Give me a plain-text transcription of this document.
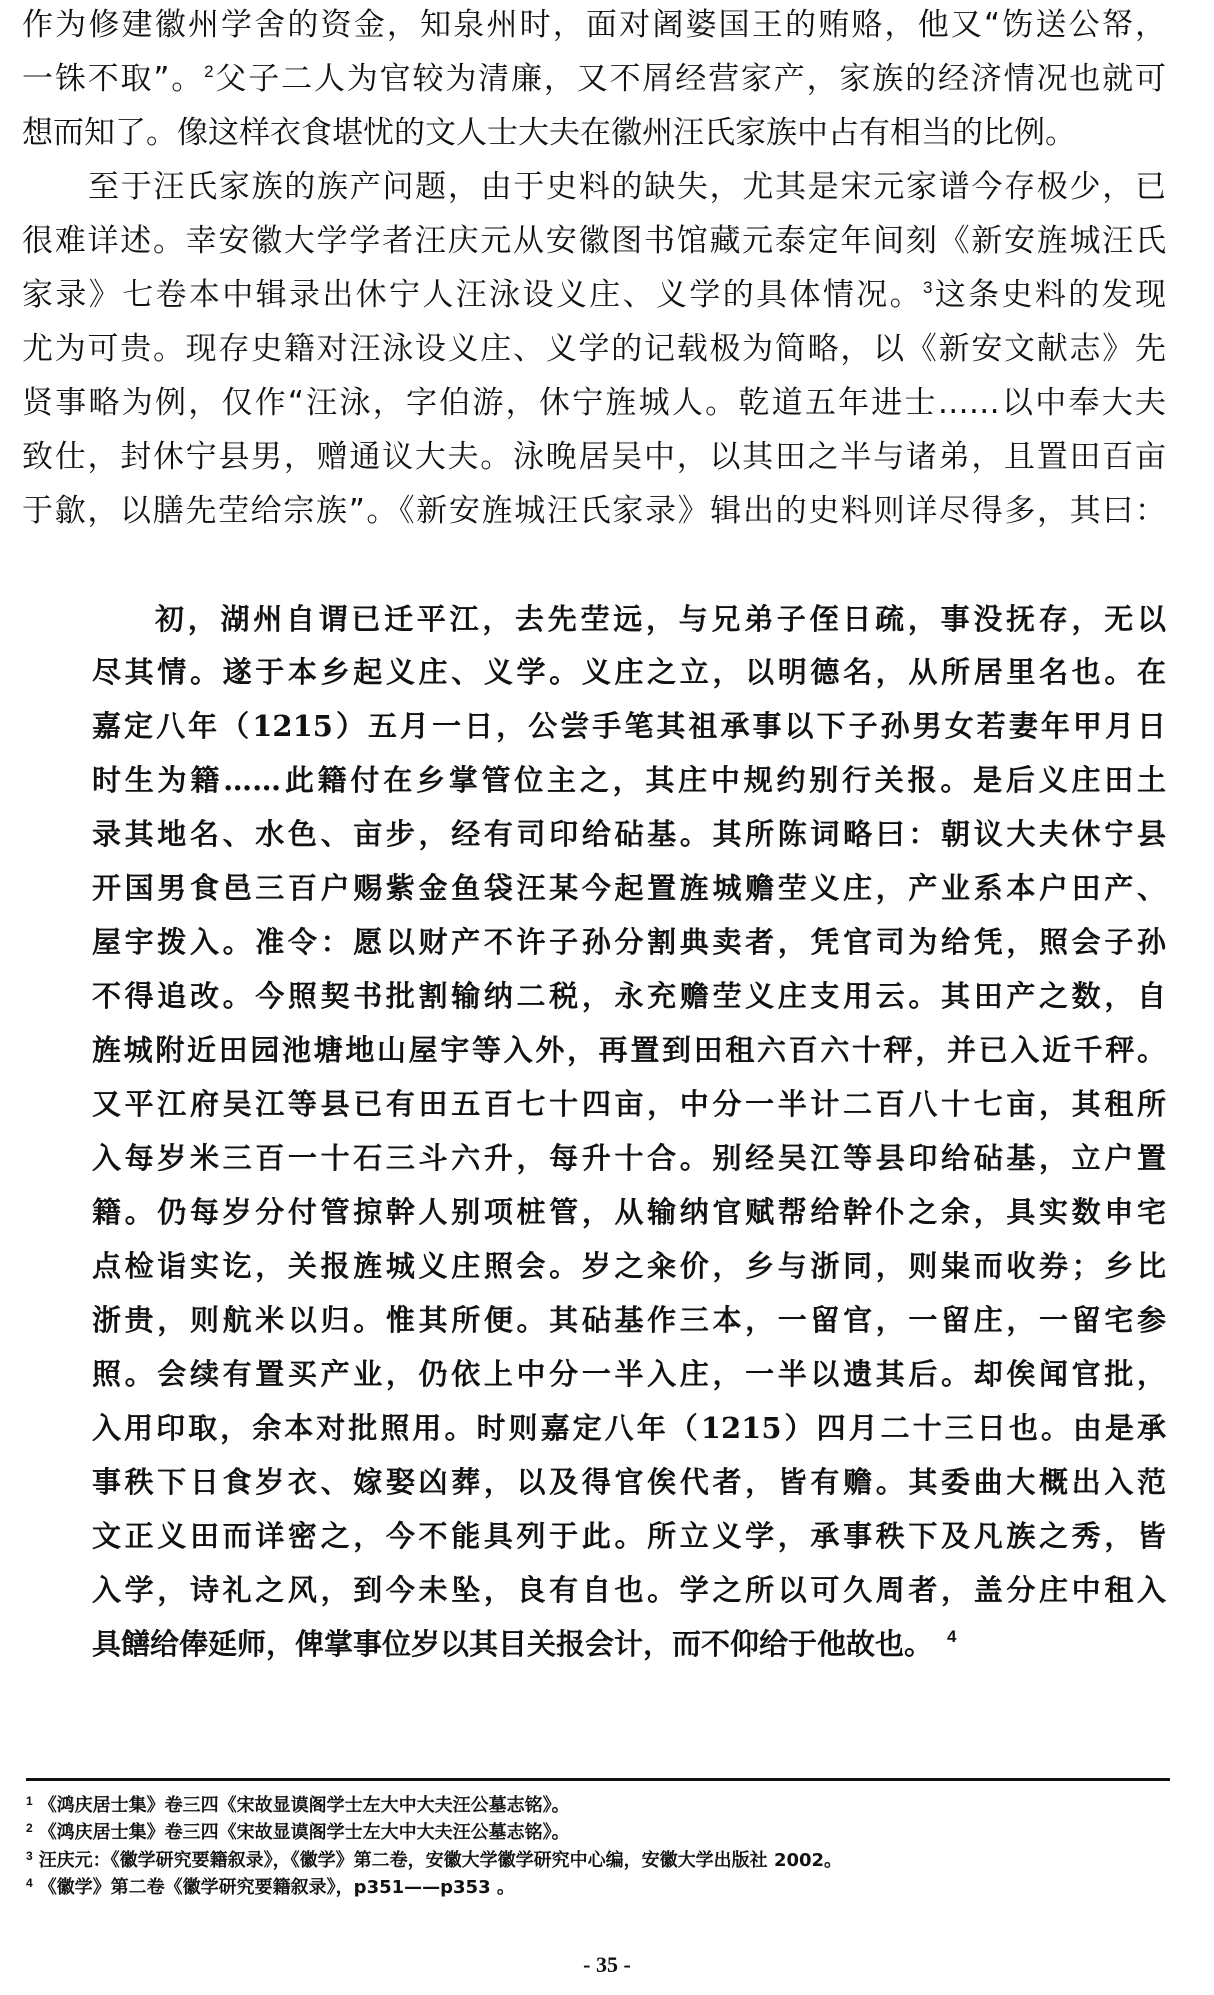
作为修建徽州学舍的资金，知泉州时，面对阇婆国王的贿赂，他又“饬送公帑，
一铢不取”。$^2$父子二人为官较为清廉，又不屑经营家产，家族的经济情况也就可
想而知了。像这样衣食堪忧的文人士大夫在徽州汪氏家族中占有相当的比例。
至于汪氏家族的族产问题，由于史料的缺失，尤其是宋元家谱今存极少，已
很难详述。幸安徽大学学者汪庆元从安徽图书馆藏元泰定年间刻《新安旌城汪氏
家录》七卷本中辑录出休宁人汪泳设义庄、义学的具体情况。$^3$这条史料的发现
尤为可贵。现存史籍对汪泳设义庄、义学的记载极为简略，以《新安文献志》先
贤事略为例，仅作“汪泳，字伯游，休宁旌城人。乾道五年进士……以中奉大夫
致仕，封休宁县男，赠通议大夫。泳晚居吴中，以其田之半与诸弟，且置田百亩
于歙，以膳先茔给宗族”。《新安旌城汪氏家录》辑出的史料则详尽得多，其曰：
初，湖州自谓已迁平江，去先茔远，与兄弟子侄日疏，事没抚存，无以
尽其情。遂于本乡起义庄、义学。义庄之立，以明德名，从所居里名也。在
嘉定八年（1215）五月一日，公尝手笔其祖承事以下子孙男女若妻年甲月日
时生为籍……此籍付在乡掌管位主之，其庄中规约别行关报。是后义庄田土
录其地名、水色、亩步，经有司印给砧基。其所陈词略曰：朝议大夫休宁县
开国男食邑三百户赐紫金鱼袋汪某今起置旌城赡茔义庄，产业系本户田产、
屋宇拨入。准令：愿以财产不许子孙分割典卖者，凭官司为给凭，照会子孙
不得追改。今照契书批割输纳二税，永充赡茔义庄支用云。其田产之数，自
旌城附近田园池塘地山屋宇等入外，再置到田租六百六十秤，并已入近千秤。
又平江府吴江等县已有田五百七十四亩，中分一半计二百八十七亩，其租所
入每岁米三百一十石三斗六升，每升十合。别经吴江等县印给砧基，立户置
籍。仍每岁分付管掠幹人别项桩管，从输纳官赋帮给幹仆之余，具实数申宅
点检诣实讫，关报旌城义庄照会。岁之籴价，乡与浙同，则粜而收券；乡比
浙贵，则航米以归。惟其所便。其砧基作三本，一留官，一留庄，一留宅参
照。会续有置买产业，仍依上中分一半入庄，一半以遗其后。却俟闻官批，
入用印取，余本对批照用。时则嘉定八年（1215）四月二十三日也。由是承
事秩下日食岁衣、嫁娶凶葬，以及得官俟代者，皆有赡。其委曲大概出入范
文正义田而详密之，今不能具列于此。所立义学，承事秩下及凡族之秀，皆
入学，诗礼之风，到今未坠，良有自也。学之所以可久周者，盖分庄中租入
具饍给俸延师，俾掌事位岁以其目关报会计，而不仰给于他故也。 $^4$
$^1$ 《鸿庆居士集》卷三四《宋故显谟阁学士左大中大夫汪公墓志铭》。
$^2$ 《鸿庆居士集》卷三四《宋故显谟阁学士左大中大夫汪公墓志铭》。
$^3$ 汪庆元：《徽学研究要籍叙录》，《徽学》第二卷，安徽大学徽学研究中心编，安徽大学出版社 2002。
$^4$ 《徽学》第二卷《徽学研究要籍叙录》，p351——p353 。
- 35 -
